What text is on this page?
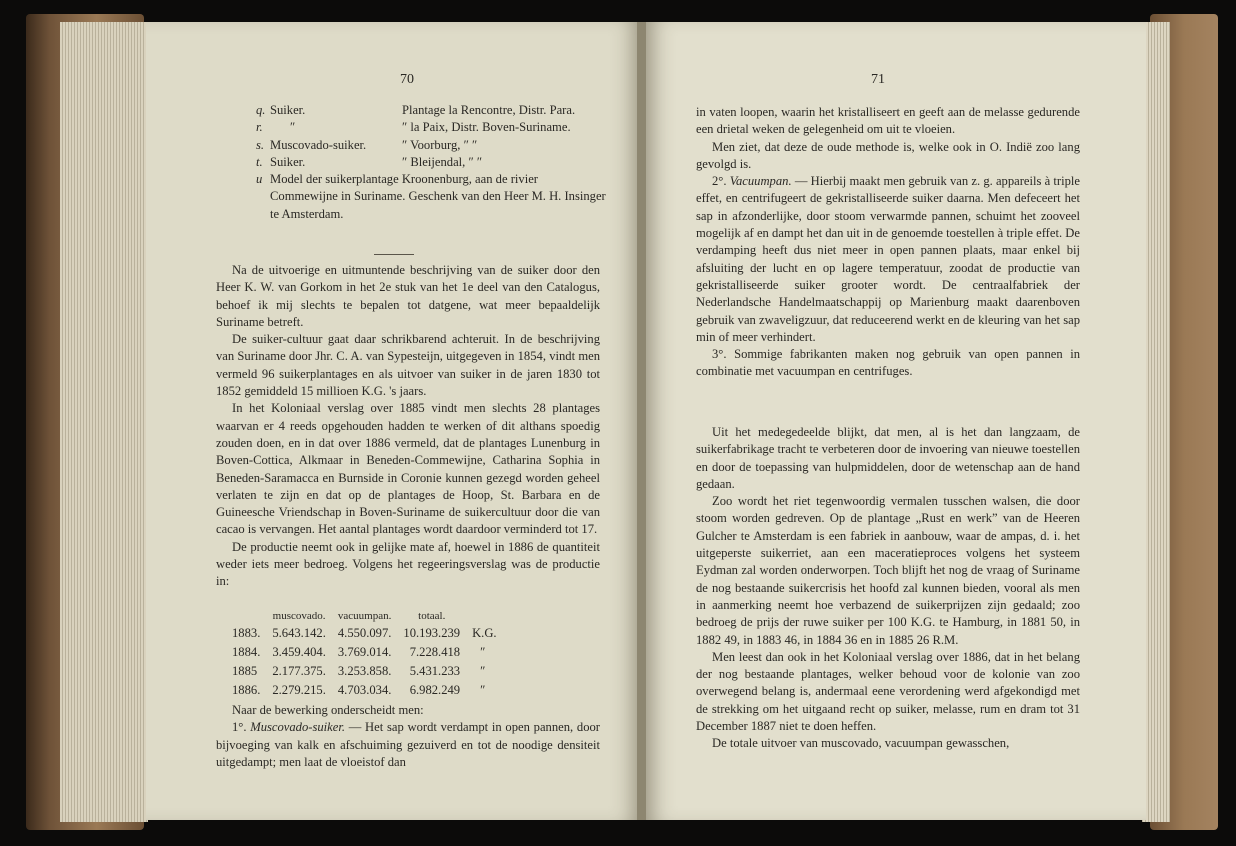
70
q. Suiker.	Plantage la Rencontre, Distr. Para.
r.	″	″ la Paix, Distr. Boven-Suriname.
s. Muscovado-suiker.	″ Voorburg, ″ ″
t. Suiker.	″ Bleijendal, ″ ″
u Model der suikerplantage Kroonenburg, aan de rivier Commewijne in Suriname. Geschenk van den Heer M. H. Insinger te Amsterdam.

Na de uitvoerige en uitmuntende beschrijving van de suiker door den Heer K. W. van Gorkom in het 2e stuk van het 1e deel van den Catalogus, behoef ik mij slechts te bepalen tot datgene, wat meer bepaaldelijk Suriname betreft.

De suiker-cultuur gaat daar schrikbarend achteruit. In de beschrijving van Suriname door Jhr. C. A. van Sypesteijn, uitgegeven in 1854, vindt men vermeld 96 suikerplantages en als uitvoer van suiker in de jaren 1830 tot 1852 gemiddeld 15 millioen K.G. 's jaars.

In het Koloniaal verslag over 1885 vindt men slechts 28 plantages waarvan er 4 reeds opgehouden hadden te werken of dit althans spoedig zouden doen, en in dat over 1886 vermeld, dat de plantages Lunenburg in Boven-Cottica, Alkmaar in Beneden-Commewijne, Catharina Sophia in Beneden-Saramacca en Burnside in Coronie kunnen gezegd worden geheel verlaten te zijn en dat op de plantages de Hoop, St. Barbara en de Guineesche Vriendschap in Boven-Suriname de suikercultuur door die van cacao is vervangen. Het aantal plantages wordt daardoor verminderd tot 17.

De productie neemt ook in gelijke mate af, hoewel in 1886 de quantiteit weder iets meer bedroeg. Volgens het regeeringsverslag was de productie in:

	muscovado.	vacuumpan.	totaal.	
1883.	5.643.142.	4.550.097.	10.193.239	K.G.
1884.	3.459.404.	3.769.014.	7.228.418	″
1885	2.177.375.	3.253.858.	5.431.233	″
1886.	2.279.215.	4.703.034.	6.982.249	″

Naar de bewerking onderscheidt men:

1°. Muscovado-suiker. — Het sap wordt verdampt in open pannen, door bijvoeging van kalk en afschuiming gezuiverd en tot de noodige densiteit uitgedampt; men laat de vloeistof dan

71

in vaten loopen, waarin het kristalliseert en geeft aan de melasse gedurende een drietal weken de gelegenheid om uit te vloeien.

Men ziet, dat deze de oude methode is, welke ook in O. Indië zoo lang gevolgd is.

2°. Vacuumpan. — Hierbij maakt men gebruik van z. g. appareils à triple effet, en centrifugeert de gekristalliseerde suiker daarna. Men defeceert het sap in afzonderlijke, door stoom verwarmde pannen, schuimt het zooveel mogelijk af en dampt het dan uit in de genoemde toestellen à triple effet. De verdamping heeft dus niet meer in open pannen plaats, maar enkel bij afsluiting der lucht en op lagere temperatuur, zoodat de productie van gekristalliseerde suiker grooter wordt. De centraalfabriek der Nederlandsche Handelmaatschappij op Marienburg maakt daarenboven gebruik van zwaveligzuur, dat reduceerend werkt en de kleuring van het sap min of meer verhindert.

3°. Sommige fabrikanten maken nog gebruik van open pannen in combinatie met vacuumpan en centrifuges.

Uit het medegedeelde blijkt, dat men, al is het dan langzaam, de suikerfabrikage tracht te verbeteren door de invoering van nieuwe toestellen en door de toepassing van hulpmiddelen, door de wetenschap aan de hand gedaan.

Zoo wordt het riet tegenwoordig vermalen tusschen walsen, die door stoom worden gedreven. Op de plantage „Rust en werk” van de Heeren Gulcher te Amsterdam is een fabriek in aanbouw, waar de ampas, d. i. het uitgeperste suikerriet, aan een maceratieproces volgens het systeem Eydman zal worden onderworpen. Toch blijft het nog de vraag of Suriname de nog bestaande suikercrisis het hoofd zal kunnen bieden, vooral als men in aanmerking neemt hoe verbazend de suikerprijzen zijn gedaald; zoo bedroeg de prijs der ruwe suiker per 100 K.G. te Hamburg, in 1881 50, in 1882 49, in 1883 46, in 1884 36 en in 1885 26 R.M.

Men leest dan ook in het Koloniaal verslag over 1886, dat in het belang der nog bestaande plantages, welker behoud voor de kolonie van zoo overwegend belang is, andermaal eene verordening werd afgekondigd met de strekking om het uitgaand recht op suiker, melasse, rum en dram tot 31 December 1887 niet te doen heffen.

De totale uitvoer van muscovado, vacuumpan gewasschen,
